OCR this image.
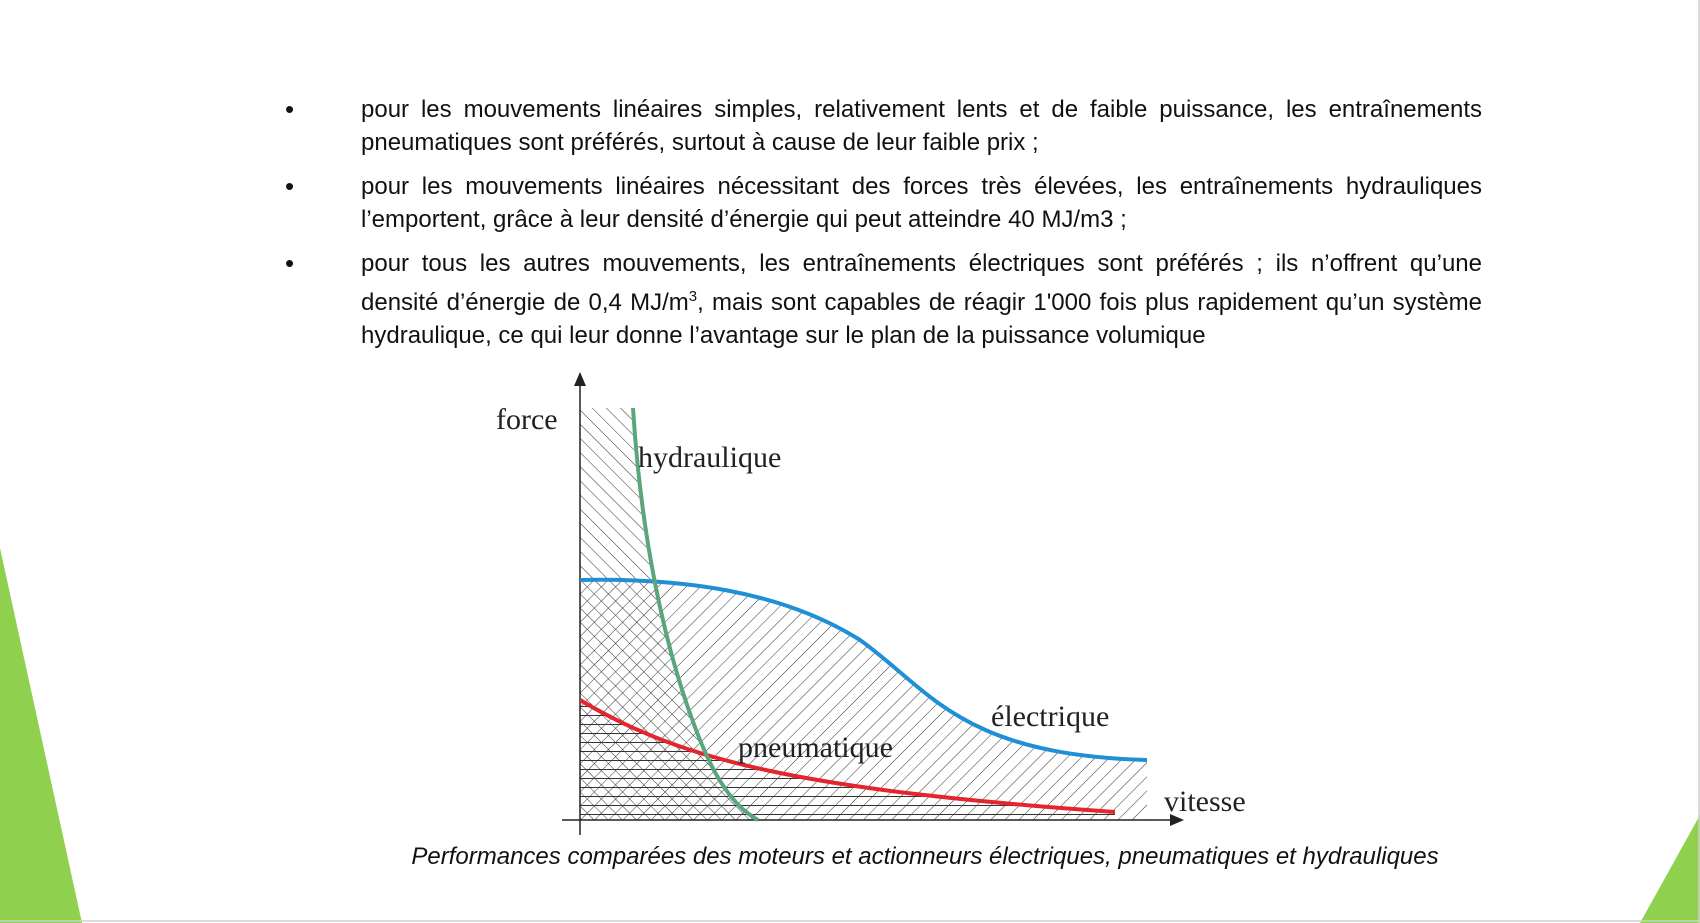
•	pour les mouvements linéaires simples, relativement lents et de faible puissance, les entraînements pneumatiques sont préférés, surtout à cause de leur faible prix ;
•	pour les mouvements linéaires nécessitant des forces très élevées, les entraînements hydrauliques l’emportent, grâce à leur densité d’énergie qui peut atteindre 40 MJ/m3 ;
•	pour tous les autres mouvements, les entraînements électriques sont préférés ; ils n’offrent qu’une densité d’énergie de 0,4 $MJ/m^3$, mais sont capables de réagir 1'000 fois plus rapidement qu’un système hydraulique, ce qui leur donne l’avantage sur le plan de la puissance volumique
force
vitesse
hydraulique
électrique
pneumatique
Performances comparées des moteurs et actionneurs électriques, pneumatiques et hydrauliques
